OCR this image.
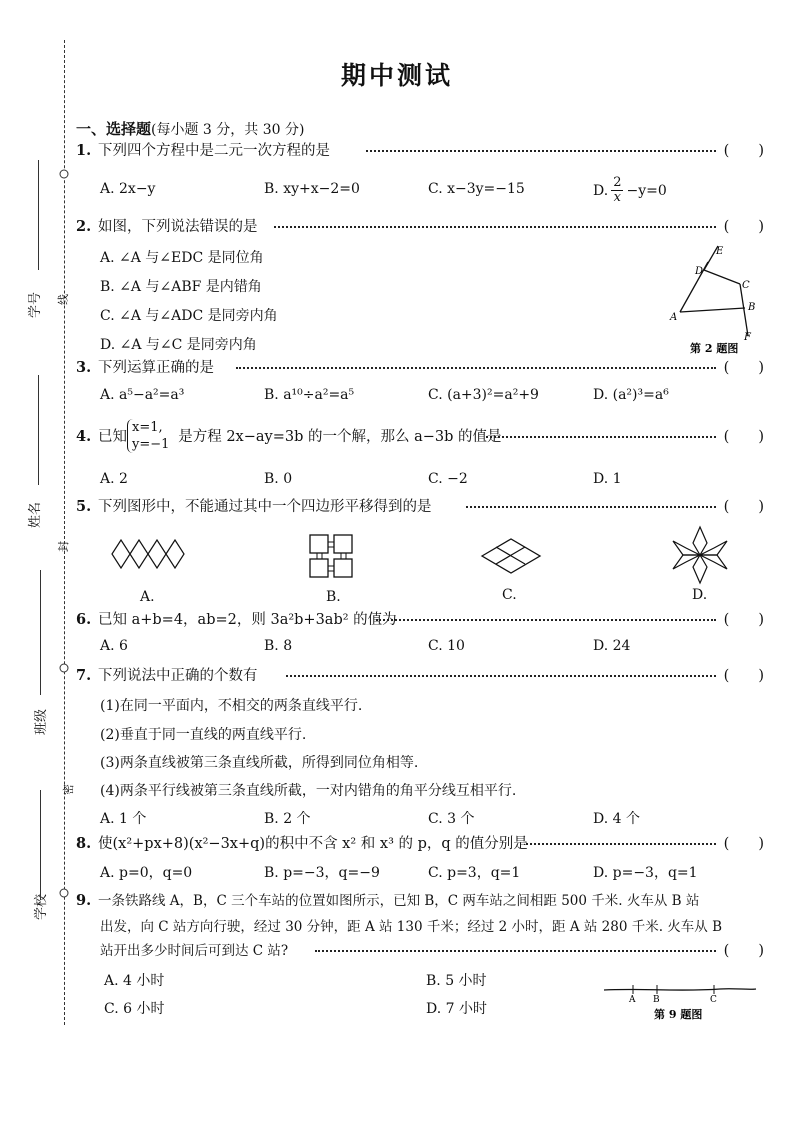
学号
姓名
班级
学校
线
封
密
期中测试
一、选择题(每小题 3 分，共 30 分)
1. 下列四个方程中是二元一次方程的是	(　　)
A. 2x−y	B. xy+x−2=0	C. x−3y=−15	D. $\frac{2}{x} -y=0$
2. 如图，下列说法错误的是	(　　)
A. ∠A 与∠EDC 是同位角
B. ∠A 与∠ABF 是内错角
C. ∠A 与∠ADC 是同旁内角
D. ∠A 与∠C 是同旁内角
A
D
E
C
B
F
第 2 题图
3. 下列运算正确的是	(　　)
A. a⁵−a²=a³	B. a¹⁰÷a²=a⁵	C. (a+3)²=a²+9	D. (a²)³=a⁶
4. 已知	是方程 2x−ay=3b 的一个解，那么 a−3b 的值是	(　　)
x=1,
y=−1
A. 2	B. 0	C. −2	D. 1
5. 下列图形中，不能通过其中一个四边形平移得到的是	(　　)
A.	B.	C.	D.
6. 已知 a+b=4，ab=2，则 3a²b+3ab² 的值为	(　　)
A. 6	B. 8	C. 10	D. 24
7. 下列说法中正确的个数有	(　　)
(1)在同一平面内，不相交的两条直线平行.
(2)垂直于同一直线的两直线平行.
(3)两条直线被第三条直线所截，所得到同位角相等.
(4)两条平行线被第三条直线所截，一对内错角的角平分线互相平行.
A. 1 个	B. 2 个	C. 3 个	D. 4 个
8. 使(x²+px+8)(x²−3x+q)的积中不含 x² 和 x³ 的 p，q 的值分别是	(　　)
A. p=0，q=0	B. p=−3，q=−9	C. p=3，q=1	D. p=−3，q=1
9. 一条铁路线 A，B，C 三个车站的位置如图所示，已知 B，C 两车站之间相距 500 千米. 火车从 B 站
出发，向 C 站方向行驶，经过 30 分钟，距 A 站 130 千米；经过 2 小时，距 A 站 280 千米. 火车从 B
站开出多少时间后可到达 C 站?	(　　)
A. 4 小时	B. 5 小时
C. 6 小时	D. 7 小时
A B	C
第 9 题图
